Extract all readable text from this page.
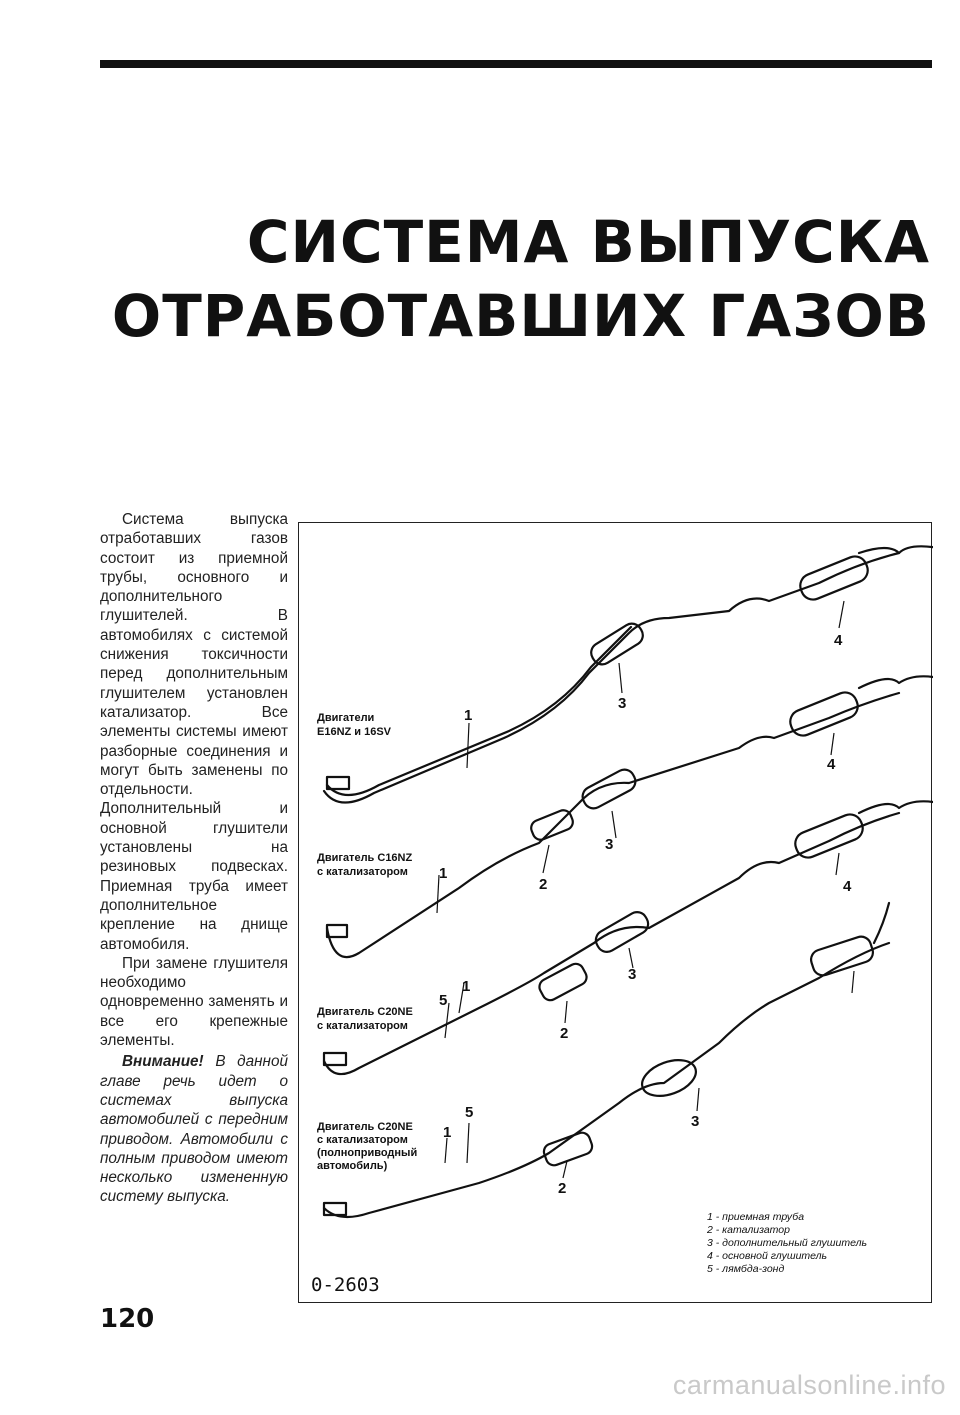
СИСТЕМА ВЫПУСКА
ОТРАБОТАВШИХ ГАЗОВ

Система выпуска отработавших газов состоит из приемной трубы, основного и дополнительного глушителей. В автомобилях с системой снижения токсичности перед дополнительным глушителем установлен катализатор. Все элементы системы имеют разборные соединения и могут быть заменены по отдельности. Дополнительный и основной глушители установлены на резиновых подвесках. Приемная труба имеет дополнительное крепление на днище автомобиля.

При замене глушителя необходимо одновременно заменять и все его крепежные элементы.

Внимание! В данной главе речь идет о системах выпуска автомобилей с передним приводом. Автомобили с полным приводом имеют несколько измененную систему выпуска.

Двигатели
E16NZ и 16SV
Двигатель C16NZ
с катализатором
Двигатель C20NE
с катализатором
Двигатель C20NE
с катализатором
(полноприводный
автомобиль)
1
3
4
1
2
3
4
1
5
2
3
4
5
1
2
3
1 - приемная труба
2 - катализатор
3 - дополнительный глушитель
4 - основной глушитель
5 - лямбда-зонд
0-2603
120
carmanualsonline.info
